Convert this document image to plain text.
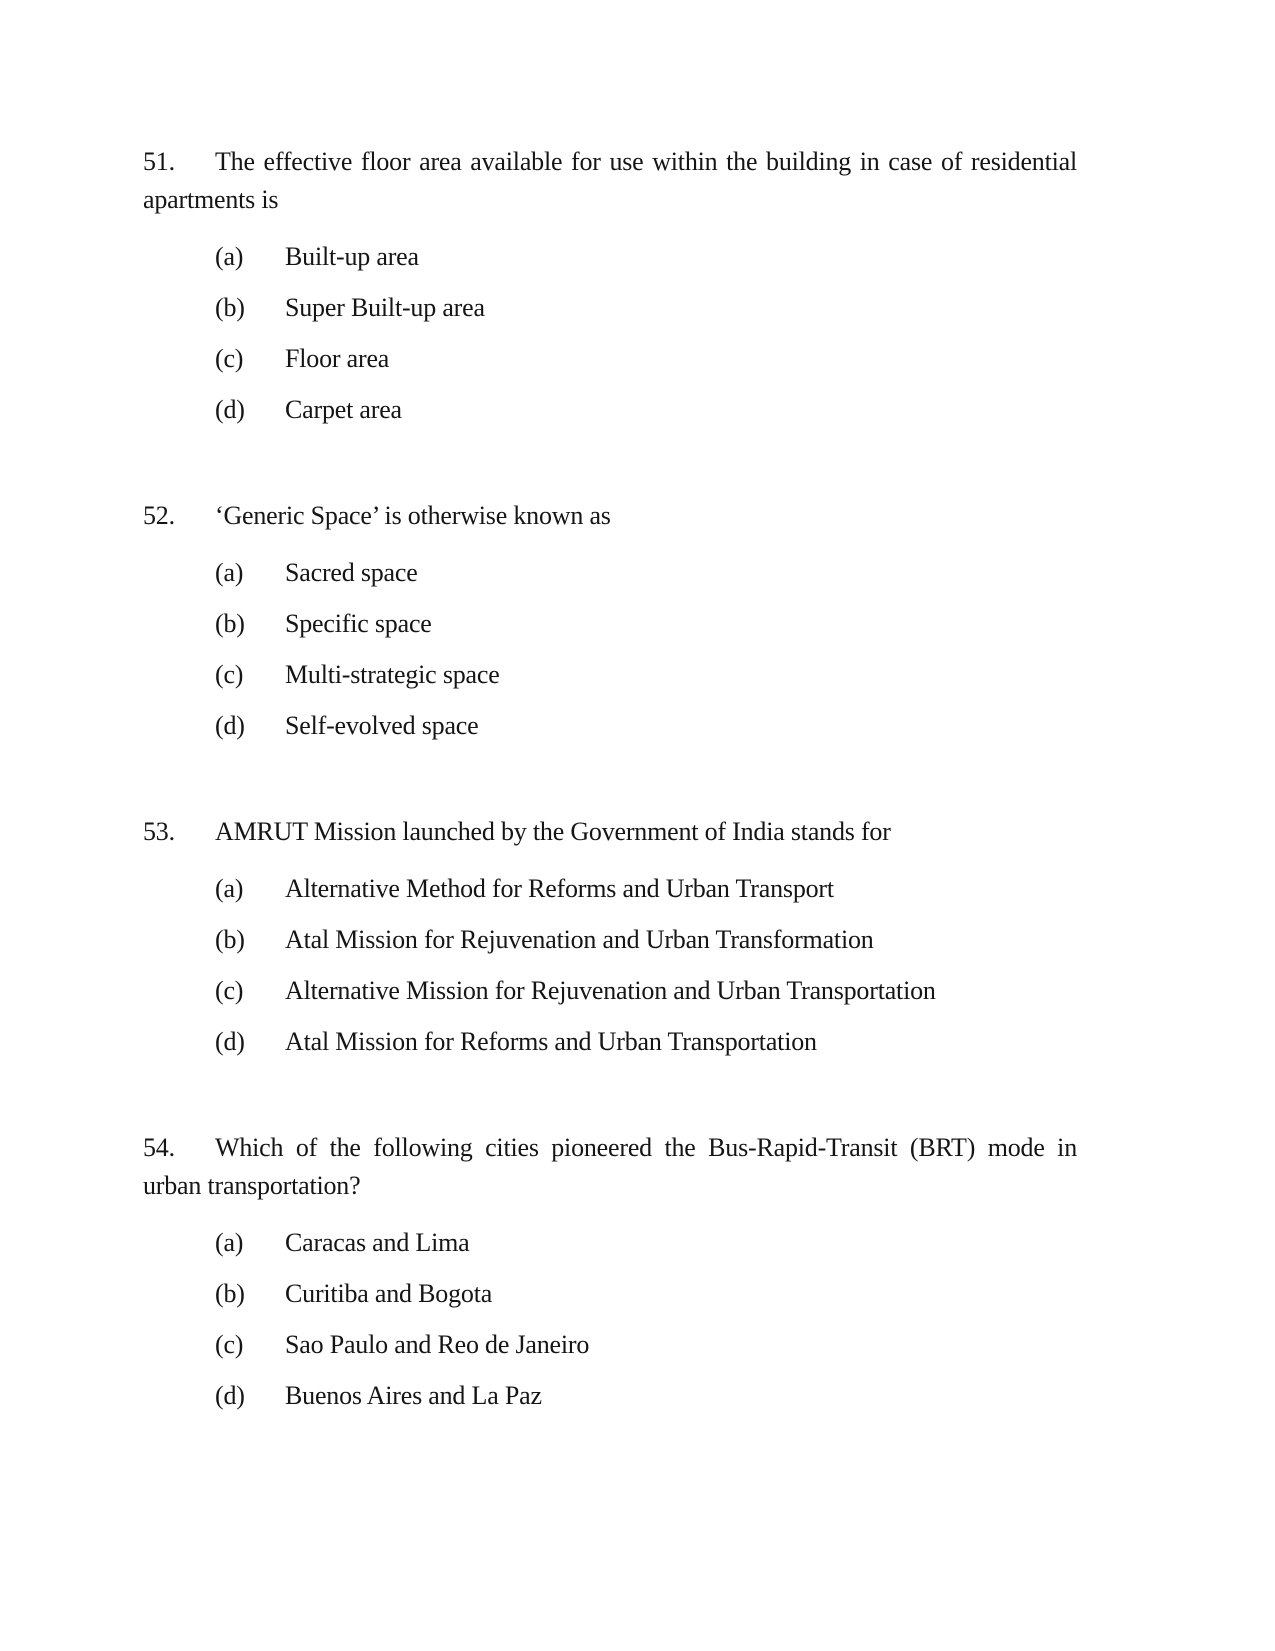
51. The effective floor area available for use within the building in case of residential apartments is

(a)	Built-up area
(b)	Super Built-up area
(c)	Floor area
(d)	Carpet area

52. ‘Generic Space’ is otherwise known as

(a)	Sacred space
(b)	Specific space
(c)	Multi-strategic space
(d)	Self-evolved space

53. AMRUT Mission launched by the Government of India stands for

(a)	Alternative Method for Reforms and Urban Transport
(b)	Atal Mission for Rejuvenation and Urban Transformation
(c)	Alternative Mission for Rejuvenation and Urban Transportation
(d)	Atal Mission for Reforms and Urban Transportation

54. Which of the following cities pioneered the Bus-Rapid-Transit (BRT) mode in urban transportation?

(a)	Caracas and Lima
(b)	Curitiba and Bogota
(c)	Sao Paulo and Reo de Janeiro
(d)	Buenos Aires and La Paz
